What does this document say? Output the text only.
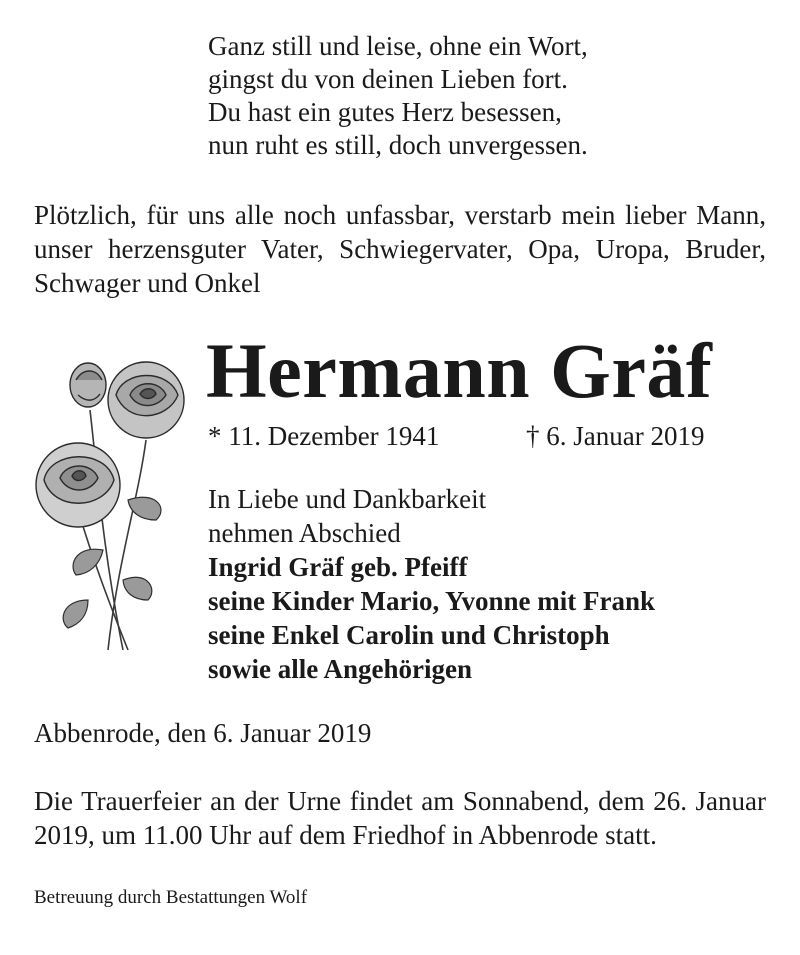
Ganz still und leise, ohne ein Wort,
gingst du von deinen Lieben fort.
Du hast ein gutes Herz besessen,
nun ruht es still, doch unvergessen.
Plötzlich, für uns alle noch unfassbar, verstarb mein lieber Mann, unser herzensguter Vater, Schwiegervater, Opa, Uropa, Bruder, Schwager und Onkel
Hermann Gräf
* 11. Dezember 1941	† 6. Januar 2019
In Liebe und Dankbarkeit
nehmen Abschied
Ingrid Gräf geb. Pfeiff
seine Kinder Mario, Yvonne mit Frank
seine Enkel Carolin und Christoph
sowie alle Angehörigen
Abbenrode, den 6. Januar 2019
Die Trauerfeier an der Urne findet am Sonnabend, dem 26. Januar 2019, um 11.00 Uhr auf dem Friedhof in Abbenrode statt.
Betreuung durch Bestattungen Wolf
